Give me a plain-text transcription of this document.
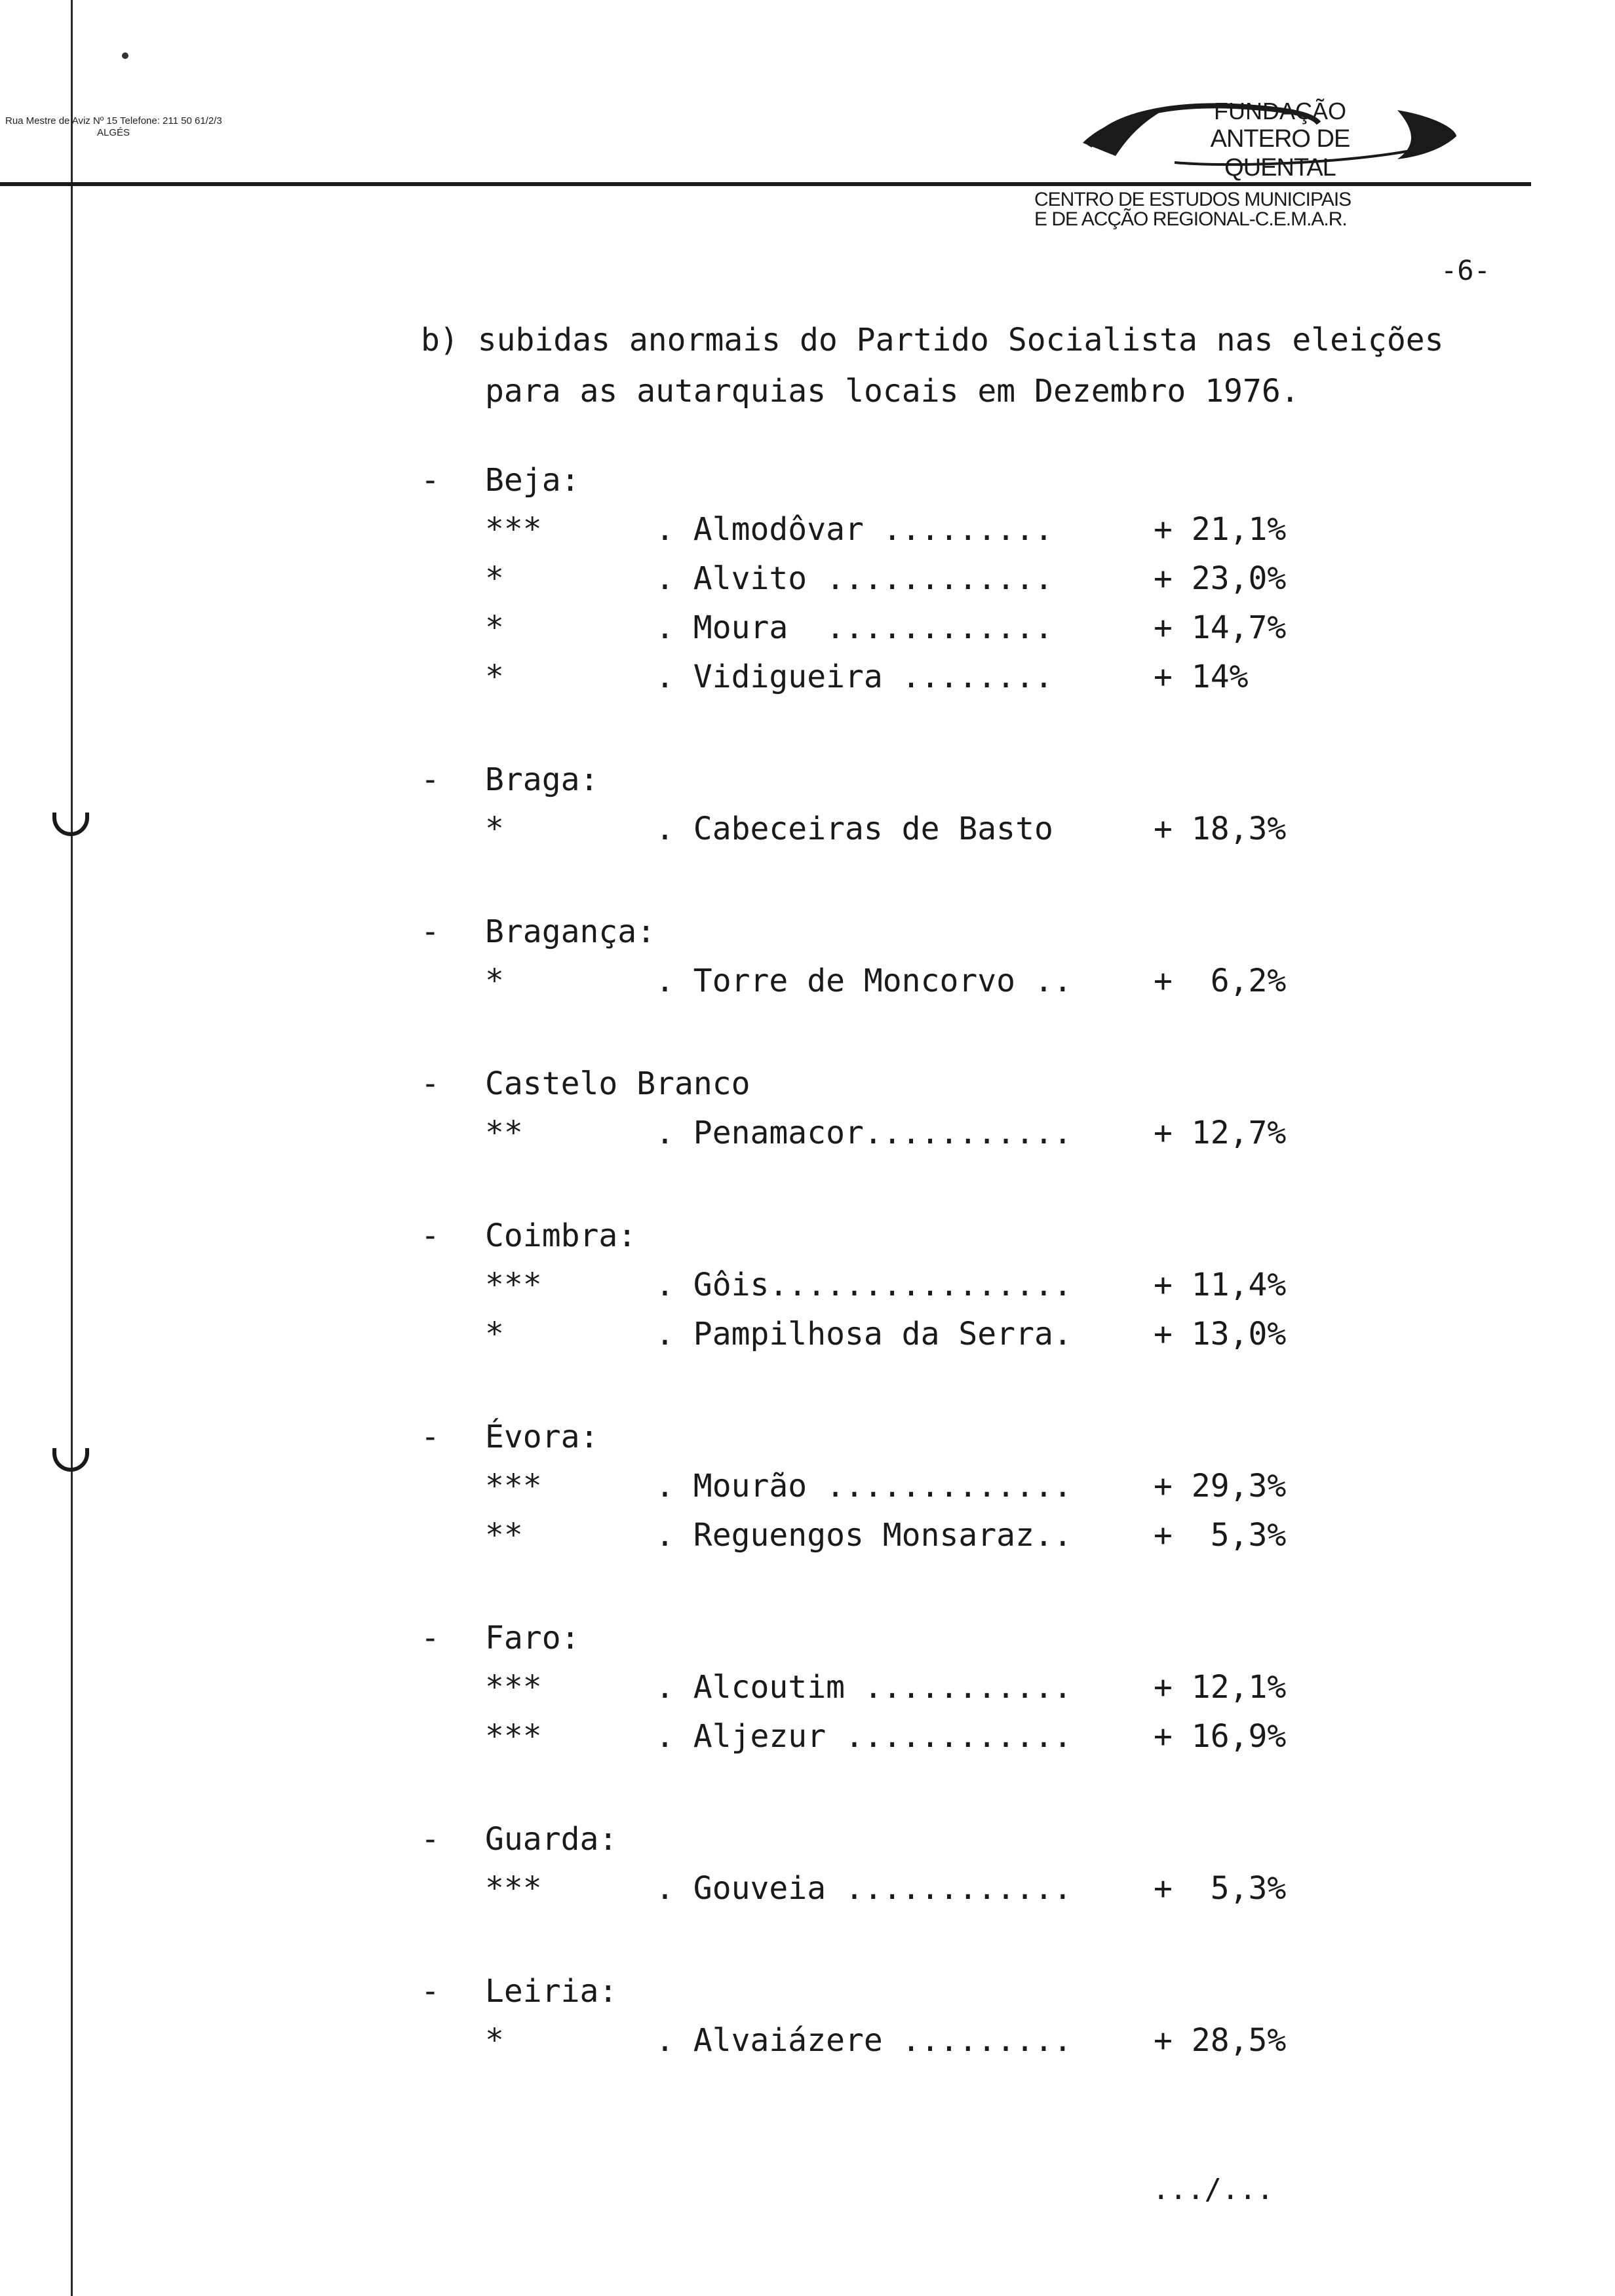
Rua Mestre de Aviz Nº 15 Telefone: 211 50 61/2/3
ALGÉS
FUNDAÇÃO
ANTERO DE QUENTAL
CENTRO DE ESTUDOS MUNICIPAIS
E DE ACÇÃO REGIONAL-C.E.M.A.R.
-6-
b) subidas anormais do Partido Socialista nas eleições
para as autarquias locais em Dezembro 1976.
-	Beja:
***	. Almodôvar .........	+ 21,1%
*	. Alvito ............	+ 23,0%
*	. Moura  ............	+ 14,7%
*	. Vidigueira ........	+ 14%
-	Braga:
*	. Cabeceiras de Basto	+ 18,3%
-	Bragança:
*	. Torre de Moncorvo ..	+  6,2%
-	Castelo Branco
**	. Penamacor...........	+ 12,7%
-	Coimbra:
***	. Gôis................	+ 11,4%
*	. Pampilhosa da Serra.	+ 13,0%
-	Évora:
***	. Mourão .............	+ 29,3%
**	. Reguengos Monsaraz..	+  5,3%
-	Faro:
***	. Alcoutim ...........	+ 12,1%
***	. Aljezur ............	+ 16,9%
-	Guarda:
***	. Gouveia ............	+  5,3%
-	Leiria:
*	. Alvaiázere .........	+ 28,5%
.../...
